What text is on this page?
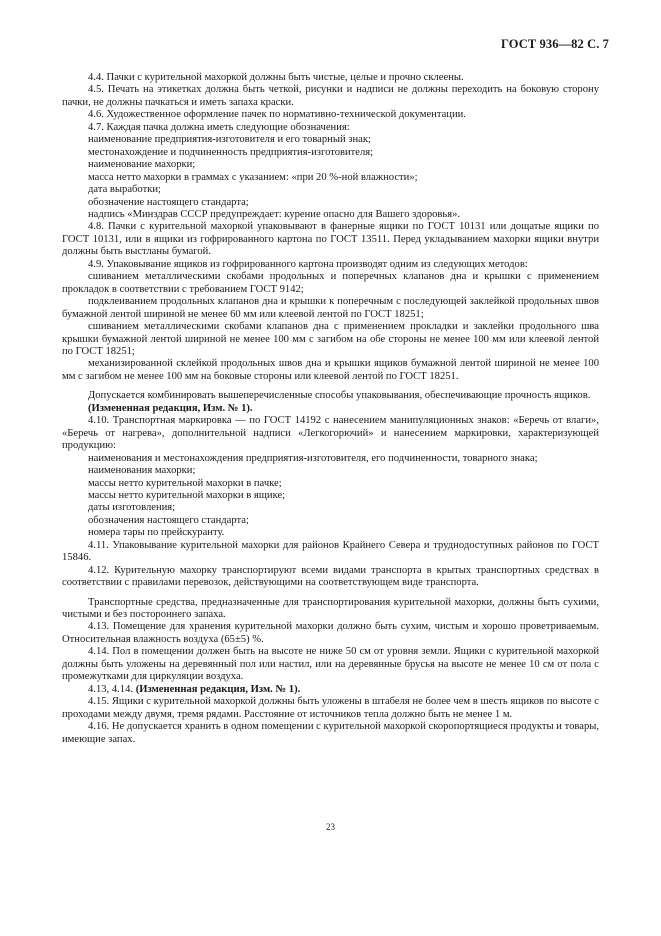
ГОСТ 936—82 С. 7

4.4. Пачки с курительной махоркой должны быть чистые, целые и прочно склеены.

4.5. Печать на этикетках должна быть четкой, рисунки и надписи не должны переходить на боковую сторону пачки, не должны пачкаться и иметь запаха краски.

4.6. Художественное оформление пачек по нормативно-технической документации.

4.7. Каждая пачка должна иметь следующие обозначения:

наименование предприятия-изготовителя и его товарный знак;

местонахождение и подчиненность предприятия-изготовителя;

наименование махорки;

масса нетто махорки в граммах с указанием: «при 20 %-ной влажности»;

дата выработки;

обозначение настоящего стандарта;

надпись «Минздрав СССР предупреждает: курение опасно для Вашего здоровья».

4.8. Пачки с курительной махоркой упаковывают в фанерные ящики по ГОСТ 10131 или дощатые ящики по ГОСТ 10131, или в ящики из гофрированного картона по ГОСТ 13511. Перед укладыванием махорки ящики внутри должны быть выстланы бумагой.

4.9. Упаковывание ящиков из гофрированного картона производят одним из следующих методов:

сшиванием металлическими скобами продольных и поперечных клапанов дна и крышки с применением прокладок в соответствии с требованием ГОСТ 9142;

подклеиванием продольных клапанов дна и крышки к поперечным с последующей заклейкой продольных швов бумажной лентой шириной не менее 60 мм или клеевой лентой по ГОСТ 18251;

сшиванием металлическими скобами клапанов дна с применением прокладки и заклейки продольного шва крышки бумажной лентой шириной не менее 100 мм с загибом на обе стороны не менее 100 мм или клеевой лентой по ГОСТ 18251;

механизированной склейкой продольных швов дна и крышки ящиков бумажной лентой шириной не менее 100 мм с загибом не менее 100 мм на боковые стороны или клеевой лентой по ГОСТ 18251.

Допускается комбинировать вышеперечисленные способы упаковывания, обеспечивающие прочность ящиков.

(Измененная редакция, Изм. № 1).

4.10. Транспортная маркировка — по ГОСТ 14192 с нанесением манипуляционных знаков: «Беречь от влаги», «Беречь от нагрева», дополнительной надписи «Легкогорючий» и нанесением маркировки, характеризующей продукцию:

наименования и местонахождения предприятия-изготовителя, его подчиненности, товарного знака;

наименования махорки;

массы нетто курительной махорки в пачке;

массы нетто курительной махорки в ящике;

даты изготовления;

обозначения настоящего стандарта;

номера тары по прейскуранту.

4.11. Упаковывание курительной махорки для районов Крайнего Севера и труднодоступных районов по ГОСТ 15846.

4.12. Курительную махорку транспортируют всеми видами транспорта в крытых транспортных средствах в соответствии с правилами перевозок, действующими на соответствующем виде транспорта.

Транспортные средства, предназначенные для транспортирования курительной махорки, должны быть сухими, чистыми и без постороннего запаха.

4.13. Помещение для хранения курительной махорки должно быть сухим, чистым и хорошо проветриваемым. Относительная влажность воздуха (65±5) %.

4.14. Пол в помещении должен быть на высоте не ниже 50 см от уровня земли. Ящики с курительной махоркой должны быть уложены на деревянный пол или настил, или на деревянные брусья на высоте не менее 10 см от пола с промежутками для циркуляции воздуха.

4.13, 4.14. (Измененная редакция, Изм. № 1).

4.15. Ящики с курительной махоркой должны быть уложены в штабеля не более чем в шесть ящиков по высоте с проходами между двумя, тремя рядами. Расстояние от источников тепла должно быть не менее 1 м.

4.16. Не допускается хранить в одном помещении с курительной махоркой скоропортящиеся продукты и товары, имеющие запах.

23
